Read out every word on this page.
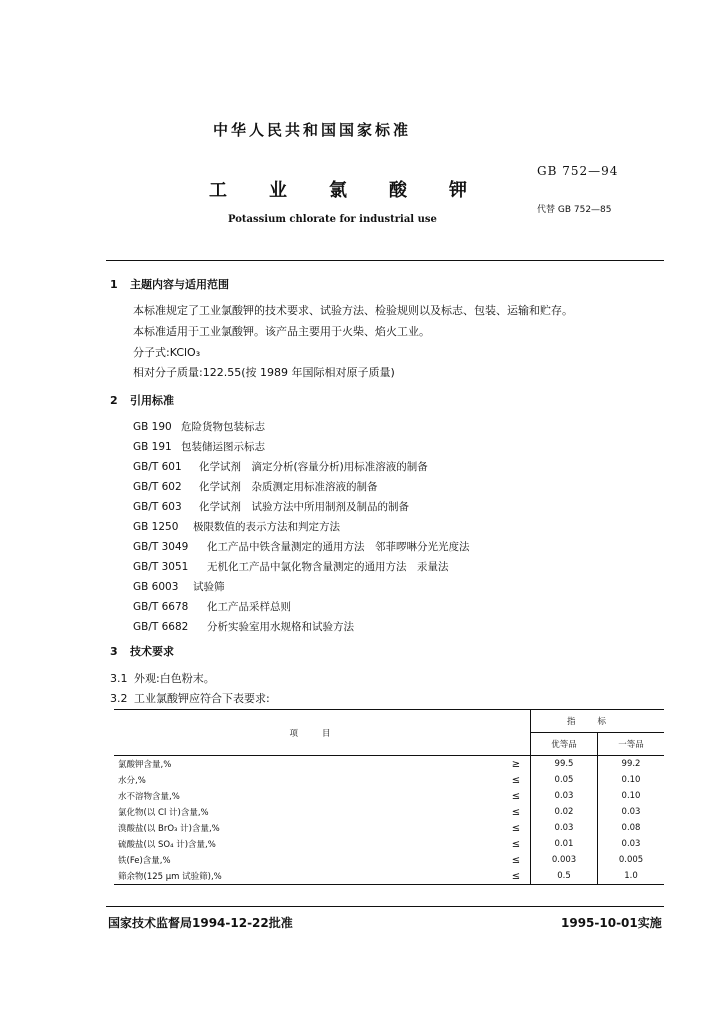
中华人民共和国国家标准
工业氯酸钾
Potassium chlorate for industrial use
GB 752—94
代替 GB 752—85
1 主题内容与适用范围
本标准规定了工业氯酸钾的技术要求、试验方法、检验规则以及标志、包装、运输和贮存。
本标准适用于工业氯酸钾。该产品主要用于火柴、焰火工业。
分子式:KClO₃
相对分子质量:122.55(按 1989 年国际相对原子质量)
2 引用标准
GB 190 危险货物包装标志
GB 191 包装储运图示标志
GB/T 601 化学试剂　滴定分析(容量分析)用标准溶液的制备
GB/T 602 化学试剂　杂质测定用标准溶液的制备
GB/T 603 化学试剂　试验方法中所用制剂及制品的制备
GB 1250 极限数值的表示方法和判定方法
GB/T 3049 化工产品中铁含量测定的通用方法　邻菲啰啉分光光度法
GB/T 3051 无机化工产品中氯化物含量测定的通用方法　汞量法
GB 6003 试验筛
GB/T 6678 化工产品采样总则
GB/T 6682 分析实验室用水规格和试验方法
3 技术要求
3.1 外观:白色粉末。
3.2 工业氯酸钾应符合下表要求:
项目		指标	
		优等品	一等品
氯酸钾含量,%	≥	99.5	99.2
水分,%	≤	0.05	0.10
水不溶物含量,%	≤	0.03	0.10
氯化物(以 Cl 计)含量,%	≤	0.02	0.03
溴酸盐(以 BrO₃ 计)含量,%	≤	0.03	0.08
硫酸盐(以 SO₄ 计)含量,%	≤	0.01	0.03
铁(Fe)含量,%	≤	0.003	0.005
筛余物(125 μm 试验筛),%	≤	0.5	1.0
国家技术监督局1994-12-22批准	1995-10-01实施
